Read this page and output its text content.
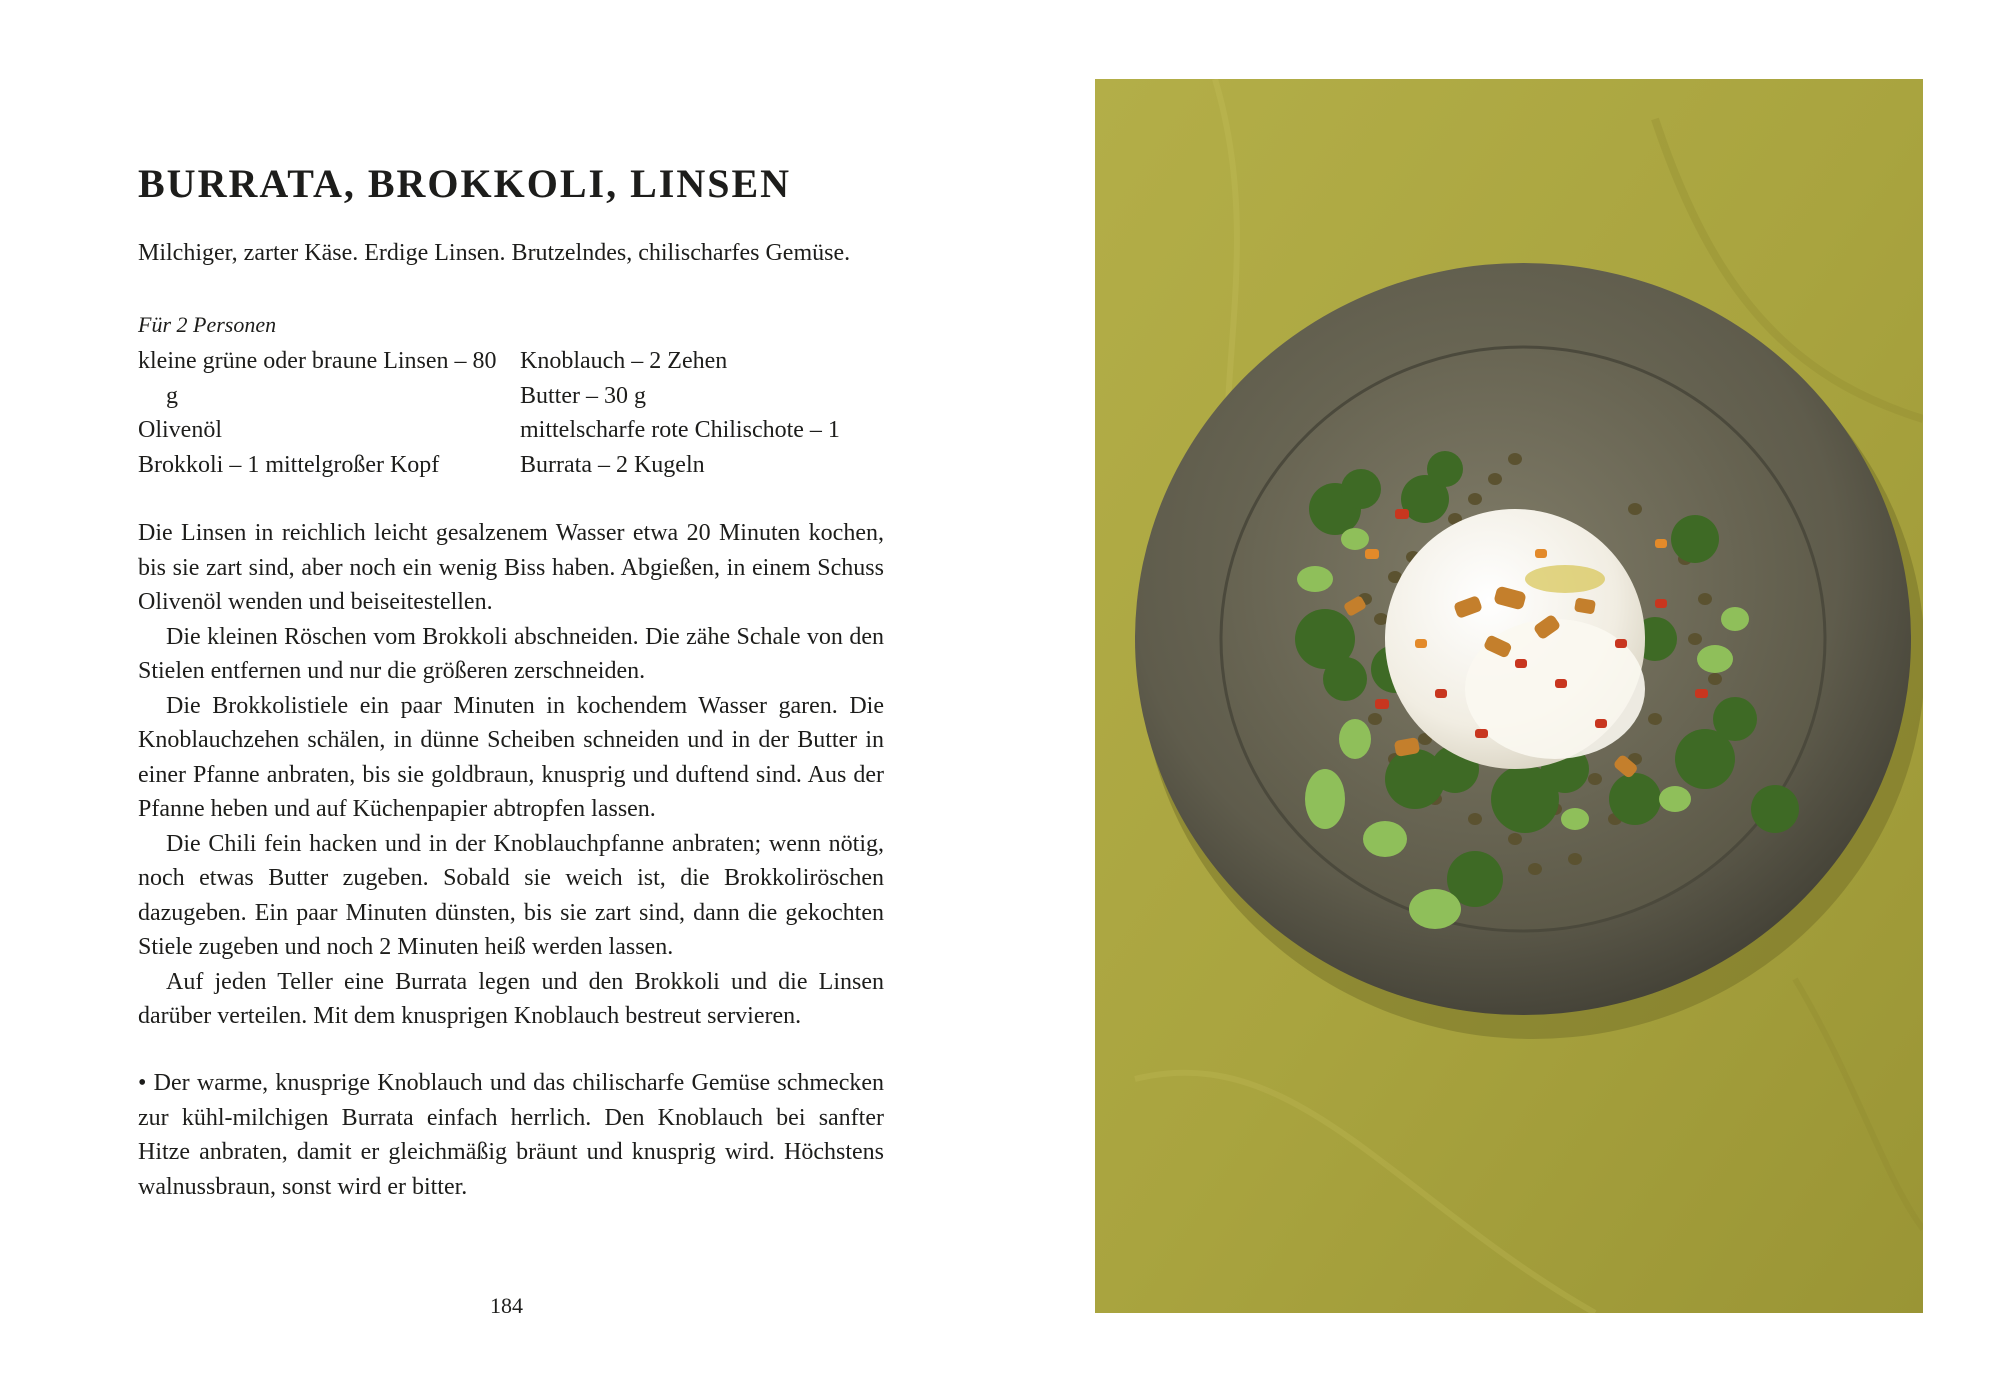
BURRATA, BROKKOLI, LINSEN

Milchiger, zarter Käse. Erdige Linsen. Brutzelndes, chilischarfes Gemüse.

Für 2 Personen

kleine grüne oder braune Linsen – 80 g
Olivenöl
Brokkoli – 1 mittelgroßer Kopf
Knoblauch – 2 Zehen
Butter – 30 g
mittelscharfe rote Chilischote – 1
Burrata – 2 Kugeln

Die Linsen in reichlich leicht gesalzenem Wasser etwa 20 Minuten kochen, bis sie zart sind, aber noch ein wenig Biss haben. Abgießen, in einem Schuss Olivenöl wenden und beiseitestellen.

Die kleinen Röschen vom Brokkoli abschneiden. Die zähe Schale von den Stielen entfernen und nur die größeren zerschneiden.

Die Brokkolistiele ein paar Minuten in kochendem Wasser garen. Die Knoblauchzehen schälen, in dünne Scheiben schneiden und in der Butter in einer Pfanne anbraten, bis sie goldbraun, knusprig und duftend sind. Aus der Pfanne heben und auf Küchenpapier abtropfen lassen.

Die Chili fein hacken und in der Knoblauchpfanne anbraten; wenn nötig, noch etwas Butter zugeben. Sobald sie weich ist, die Brokkoliröschen dazugeben. Ein paar Minuten dünsten, bis sie zart sind, dann die gekochten Stiele zugeben und noch 2 Minuten heiß werden lassen.

Auf jeden Teller eine Burrata legen und den Brokkoli und die Linsen darüber verteilen. Mit dem knusprigen Knoblauch bestreut servieren.

• Der warme, knusprige Knoblauch und das chilischarfe Gemüse schmecken zur kühl-milchigen Burrata einfach herrlich. Den Knoblauch bei sanfter Hitze anbraten, damit er gleichmäßig bräunt und knusprig wird. Höchstens walnussbraun, sonst wird er bitter.

184
